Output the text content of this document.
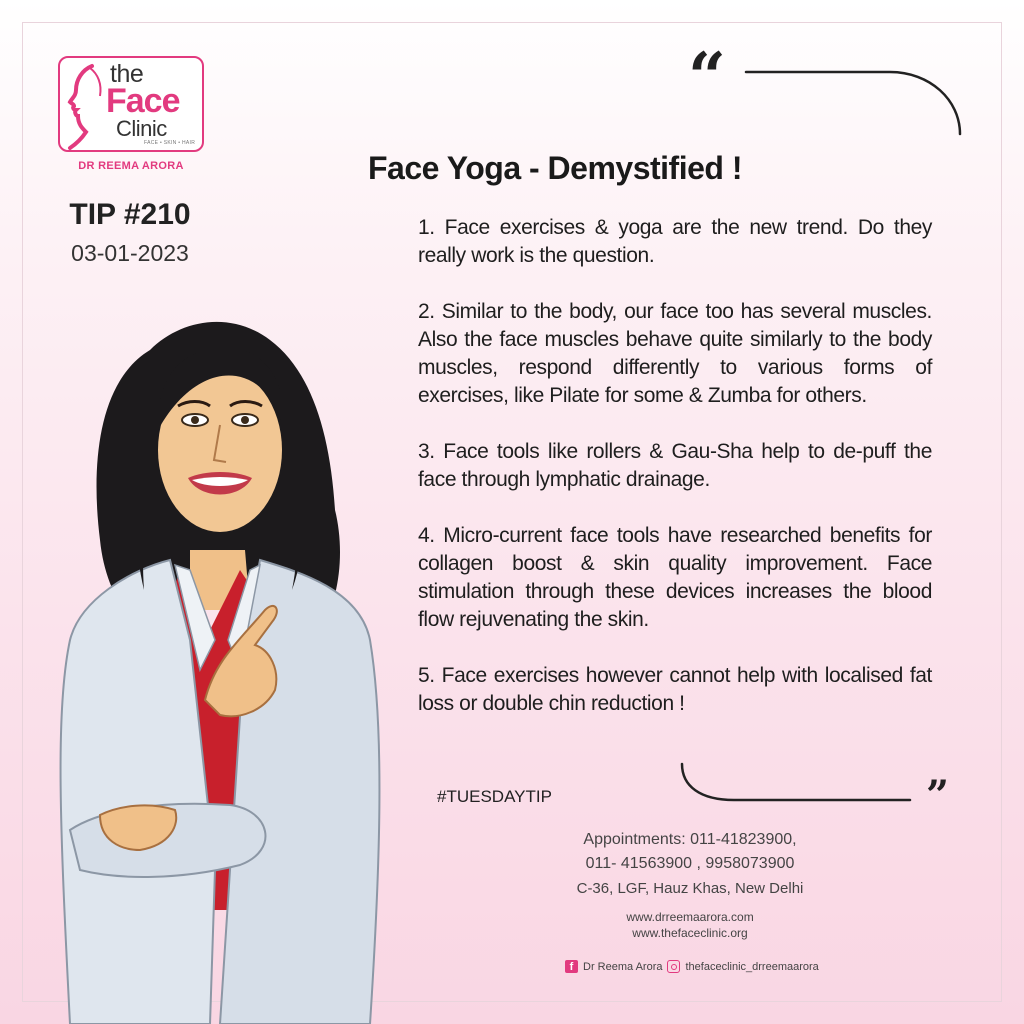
the
Face
Clinic
FACE • SKIN • HAIR
DR REEMA ARORA
TIP #210
03-01-2023
“
”
Face Yoga - Demystified !

1. Face exercises & yoga are the new trend. Do they really work is the question.

2. Similar to the body, our face too has several muscles. Also the face muscles behave quite similarly to the body muscles, respond differently to various forms of exercises, like Pilate for some & Zumba for others.

3. Face tools like rollers & Gau-Sha help to de-puff the face through lymphatic drainage.

4. Micro-current face tools have researched benefits for collagen boost & skin quality improvement. Face stimulation through these devices increases the blood flow rejuvenating the skin.

5. Face exercises however cannot help with localised fat loss or double chin reduction !

#TUESDAYTIP
Appointments: 011-41823900,
011- 41563900 , 9958073900
C-36, LGF, Hauz Khas, New Delhi
www.drreemaarora.com
www.thefaceclinic.org
f Dr Reema Arora thefaceclinic_drreemaarora
